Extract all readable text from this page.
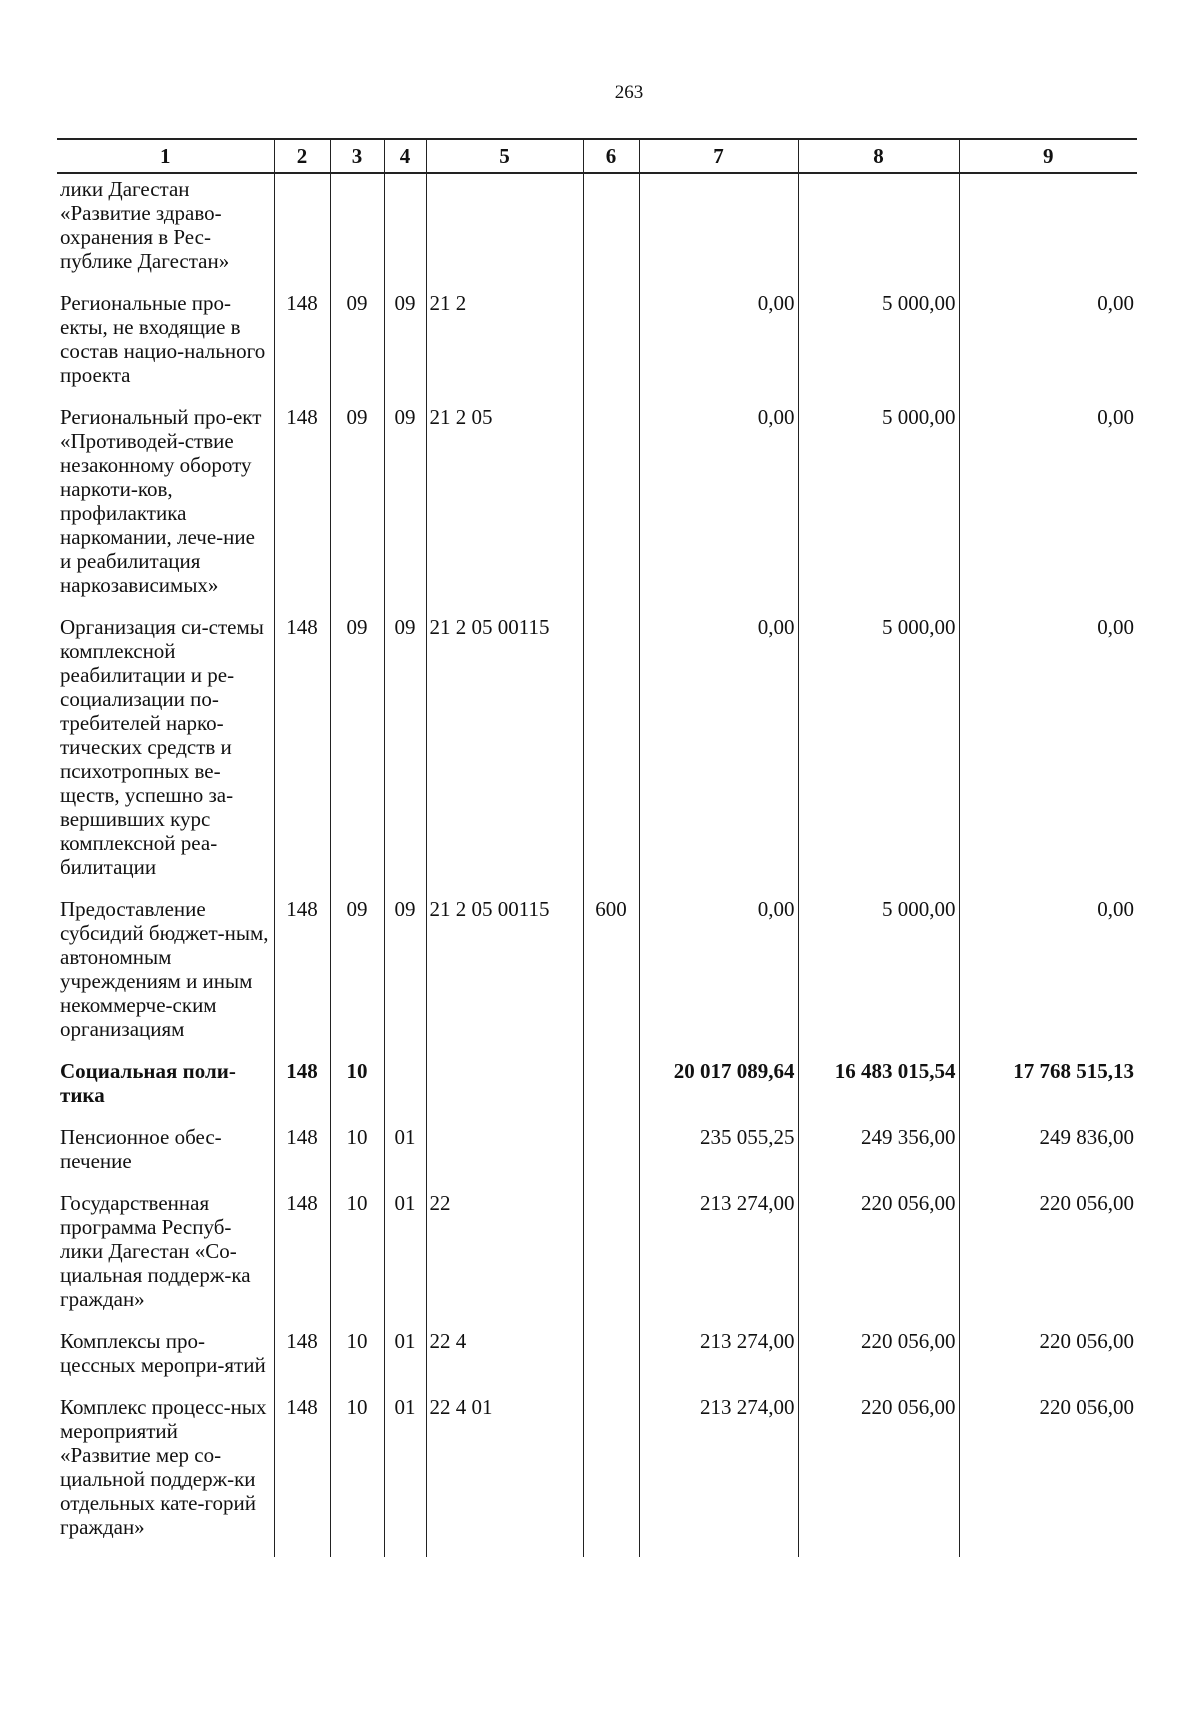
263
1	2	3	4	5	6	7	8	9
лики Дагестан «Развитие здраво-охранения в Рес-публике Дагестан»								
Региональные про-екты, не входящие в состав нацио-нального проекта	148	09	09	21 2		0,00	5 000,00	0,00
Региональный про-ект «Противодей-ствие незаконному обороту наркоти-ков, профилактика наркомании, лече-ние и реабилитация наркозависимых»	148	09	09	21 2 05		0,00	5 000,00	0,00
Организация си-стемы комплексной реабилитации и ре-социализации по-требителей нарко-тических средств и психотропных ве-ществ, успешно за-вершивших курс комплексной реа-билитации	148	09	09	21 2 05 00115		0,00	5 000,00	0,00
Предоставление субсидий бюджет-ным, автономным учреждениям и иным некоммерче-ским организациям	148	09	09	21 2 05 00115	600	0,00	5 000,00	0,00
Социальная поли-тика	148	10				20 017 089,64	16 483 015,54	17 768 515,13
Пенсионное обес-печение	148	10	01			235 055,25	249 356,00	249 836,00
Государственная программа Респуб-лики Дагестан «Со-циальная поддерж-ка граждан»	148	10	01	22		213 274,00	220 056,00	220 056,00
Комплексы про-цессных меропри-ятий	148	10	01	22 4		213 274,00	220 056,00	220 056,00
Комплекс процесс-ных мероприятий «Развитие мер со-циальной поддерж-ки отдельных кате-горий граждан»	148	10	01	22 4 01		213 274,00	220 056,00	220 056,00
